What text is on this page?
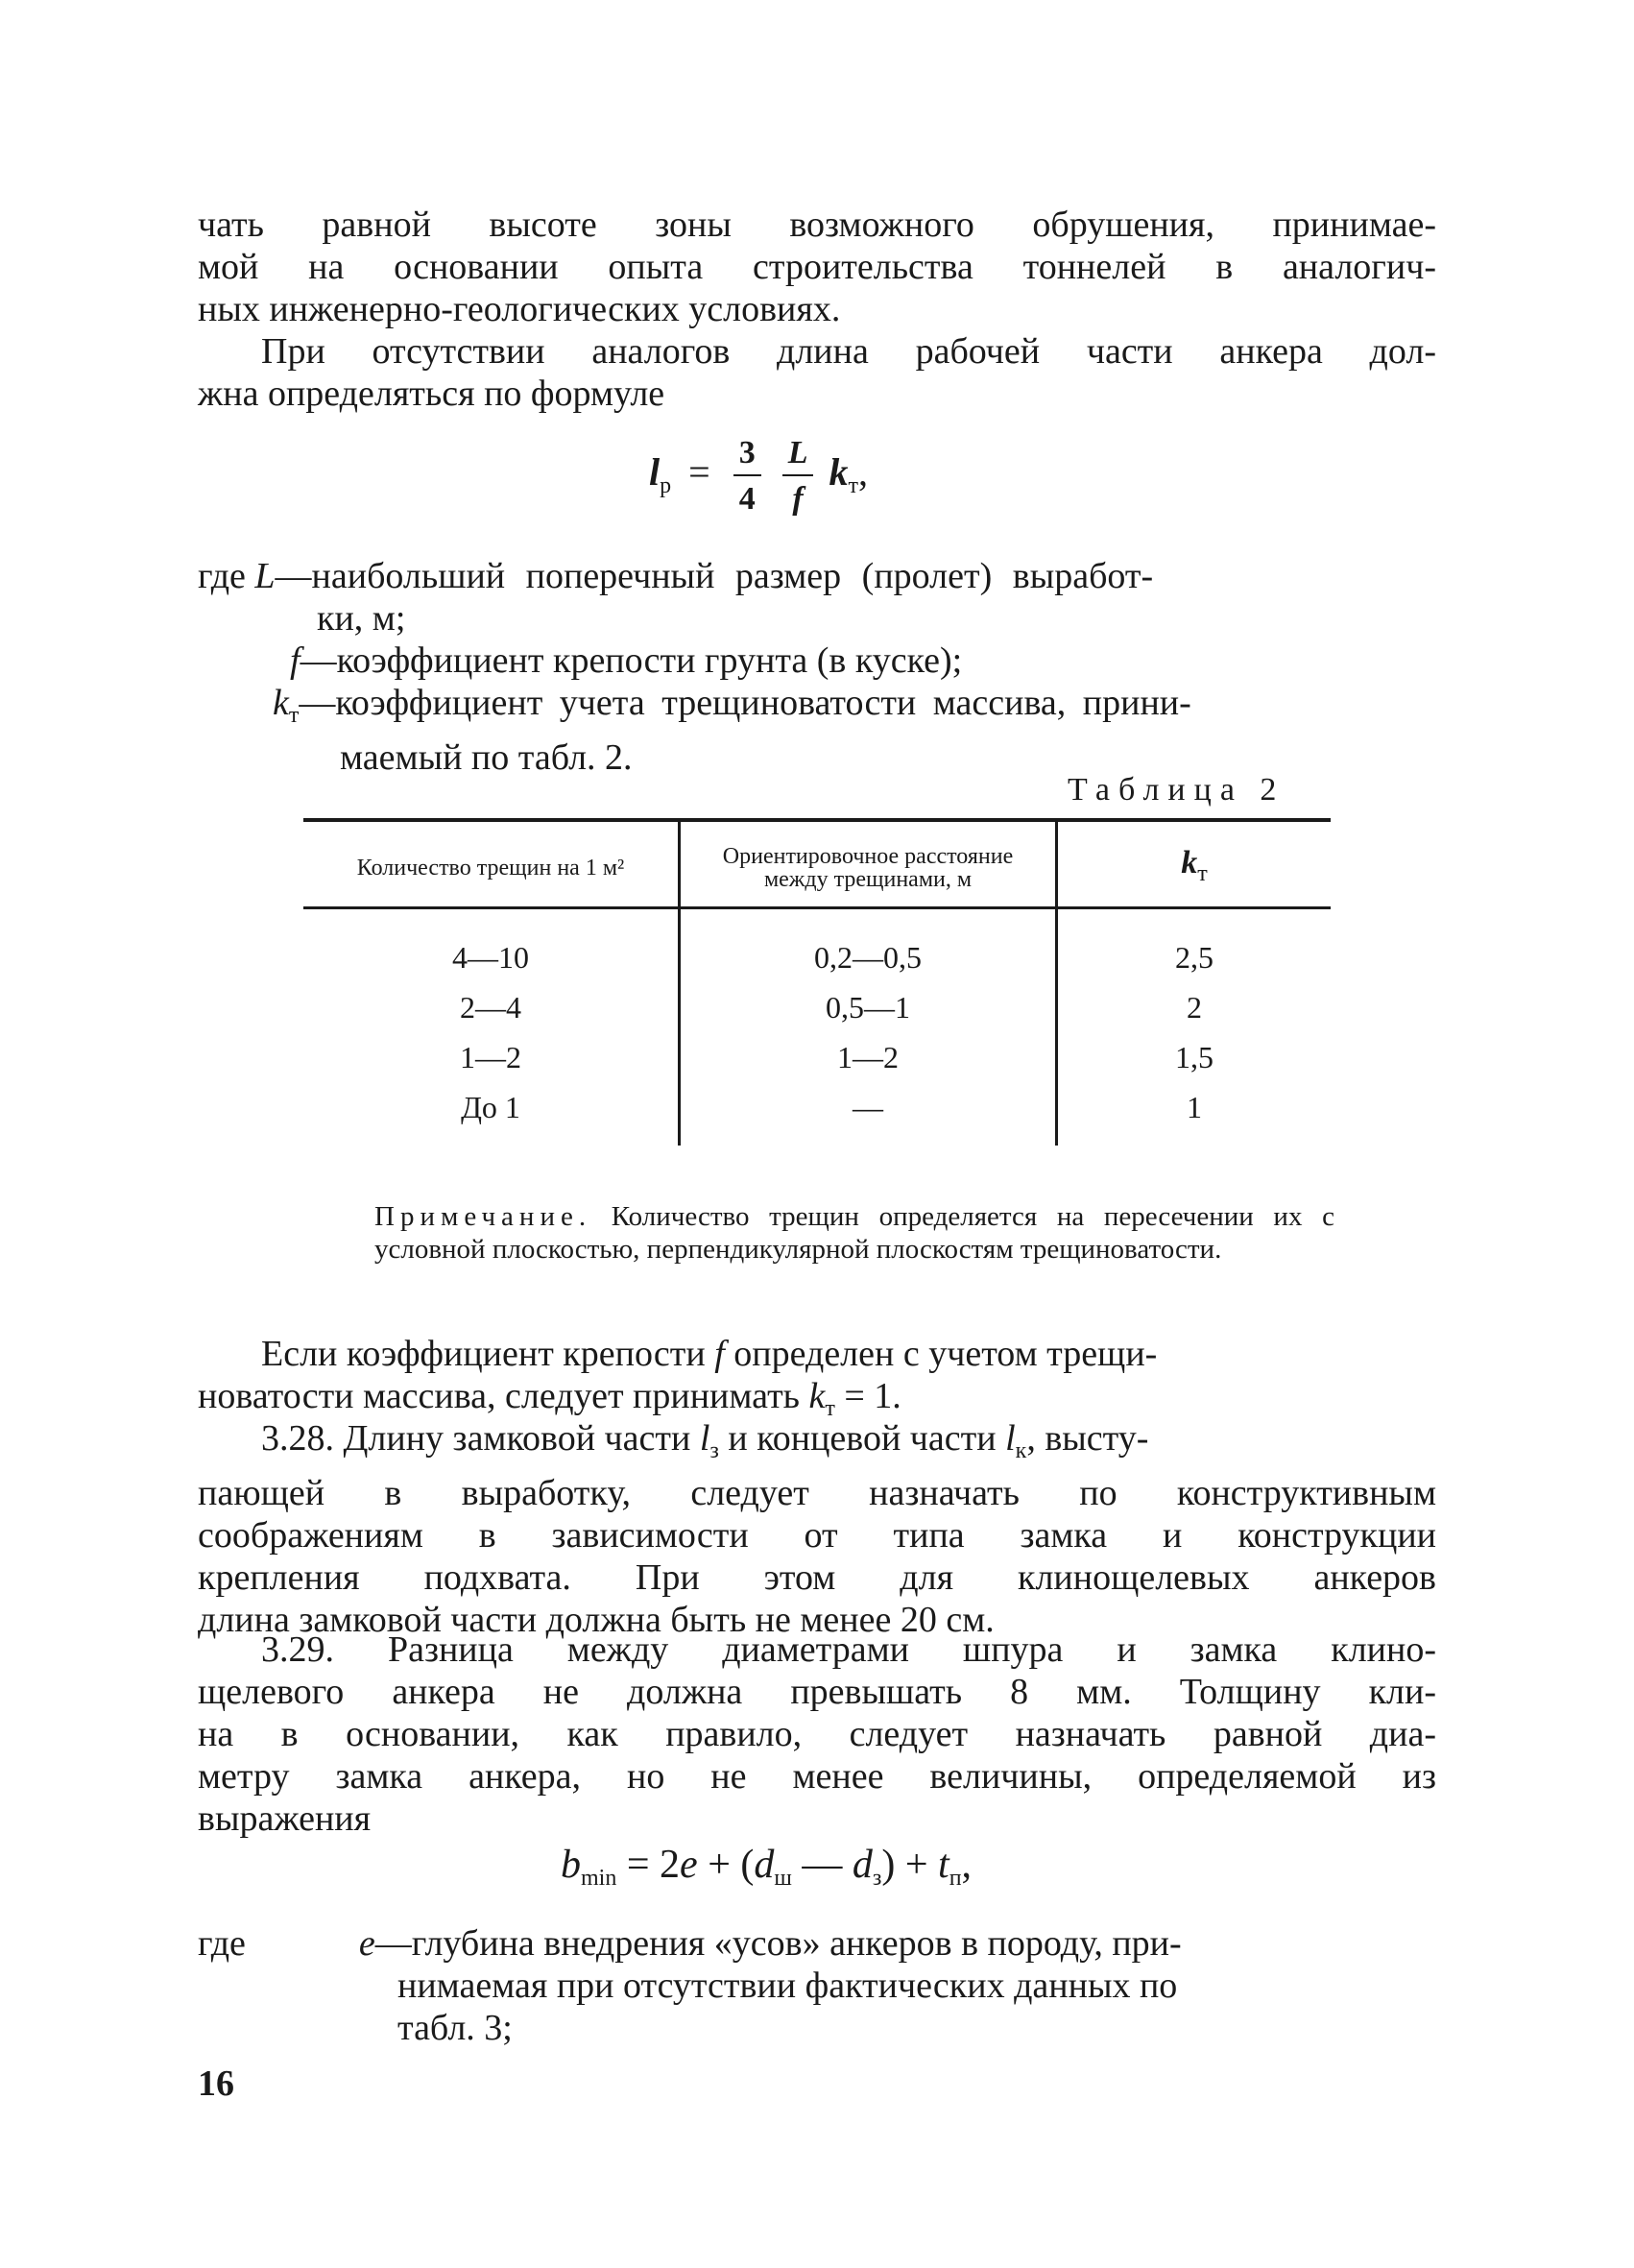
чать равной высоте зоны возможного обрушения, принимае-
мой на основании опыта строительства тоннелей в аналогич-
ных инженерно-геологических условиях.
При отсутствии аналогов длина рабочей части анкера дол-
жна определяться по формуле
$l_р = \frac{3}{4}$
$\frac{L}{f} k_т$,
где L—наибольший поперечный размер (пролет) выработ-
ки, м;
f—коэффициент крепости грунта (в куске);
$k_т—коэффициент$ учета трещиноватости массива, прини-
маемый по табл. 2.
Таблица 2
Количество трещин на 1 м²	Ориентировочное расстояние между трещинами, м	$k_т$
4—10	0,2—0,5	2,5
2—4	0,5—1	2
1—2	1—2	1,5
До 1	—	1
Примечание. Количество трещин определяется на пересечении их с условной плоскостью, перпендикулярной плоскостям трещиноватости.
Если коэффициент крепости f определен с учетом трещи-
новатости массива, следует принимать $k_т = 1$.
3.28. Длину замковой части $l_з$ и концевой части $l_к$, высту-
пающей в выработку, следует назначать по конструктивным
соображениям в зависимости от типа замка и конструкции
крепления подхвата. При этом для клинощелевых анкеров
длина замковой части должна быть не менее 20 см.
3.29. Разница между диаметрами шпура и замка клино-
щелевого анкера не должна превышать 8 мм. Толщину кли-
на в основании, как правило, следует назначать равной диа-
метру замка анкера, но не менее величины, определяемой из
выражения
$b_{min} = 2e + (d_ш$ — $d_з) + t_п$,
где	e—глубина внедрения «усов» анкеров в породу, при-
нимаемая при отсутствии фактических данных по
табл. 3;
16
